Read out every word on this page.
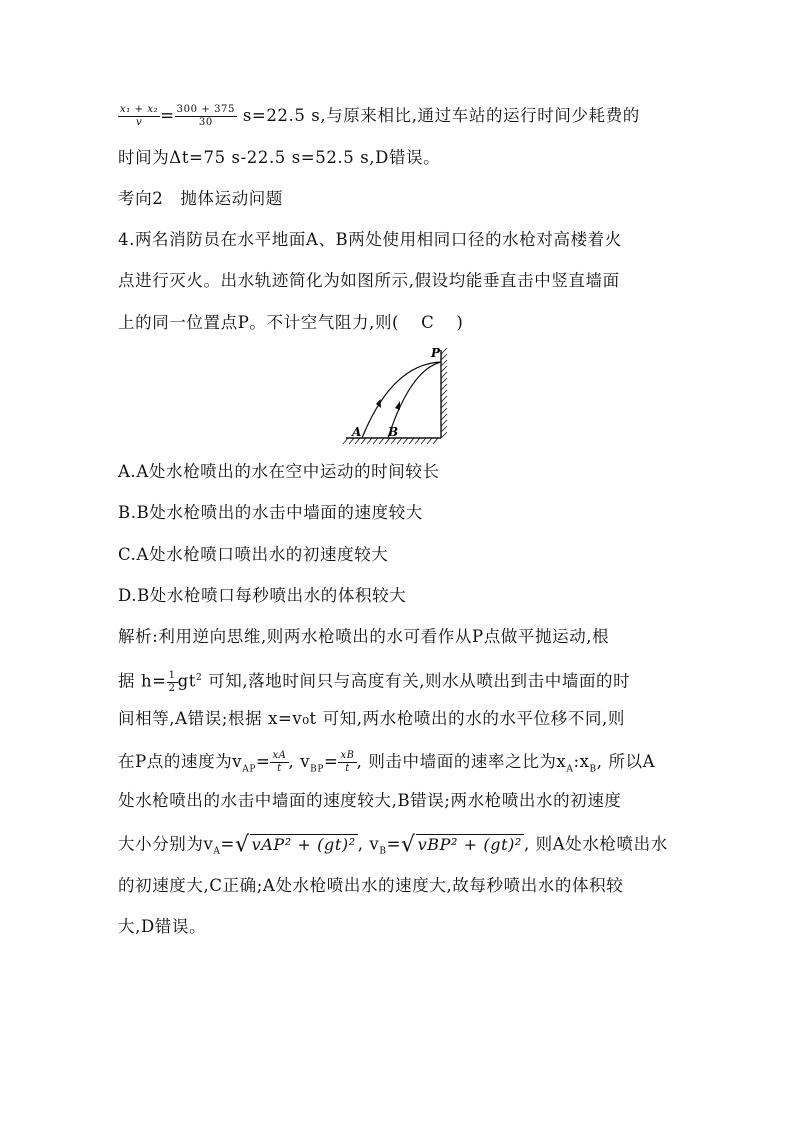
$\frac{\text{x₁ + x₂}}{v} = \frac{300 + 375}{30} s=22.5$ s,与原来相比,通过车站的运行时间少耗费的
时间为Δt=75 s-22.5 s=52.5 s,D错误。
考向2　抛体运动问题
4.两名消防员在水平地面A、B两处使用相同口径的水枪对高楼着火
点进行灭火。出水轨迹简化为如图所示,假设均能垂直击中竖直墙面
上的同一位置点P。不计空气阻力,则( C )
P
A B
A.A处水枪喷出的水在空中运动的时间较长
B.B处水枪喷出的水击中墙面的速度较大
C.A处水枪喷口喷出水的初速度较大
D.B处水枪喷口每秒喷出水的体积较大
解析:利用逆向思维,则两水枪喷出的水可看作从P点做平抛运动,根
据 $h= \frac{1}{2} gt^2$ 可知,落地时间只与高度有关,则水从喷出到击中墙面的时
间相等,A错误;根据 x=v₀t 可知,两水枪喷出的水的水平位移不同,则
在P点的速度为$v_{AP}= \frac{xA}{t}$ , $v_{BP}= \frac{xB}{t}$ , 则击中墙面的速率之比为$x_A:x_B$, 所以A
处水枪喷出的水击中墙面的速度较大,B错误;两水枪喷出水的初速度
大小分别为$v_A=√$ vAP² + (gt)² , $v_B=√$ vBP² + (gt)² , 则A处水枪喷出水
的初速度大,C正确;A处水枪喷出水的速度大,故每秒喷出水的体积较
大,D错误。
